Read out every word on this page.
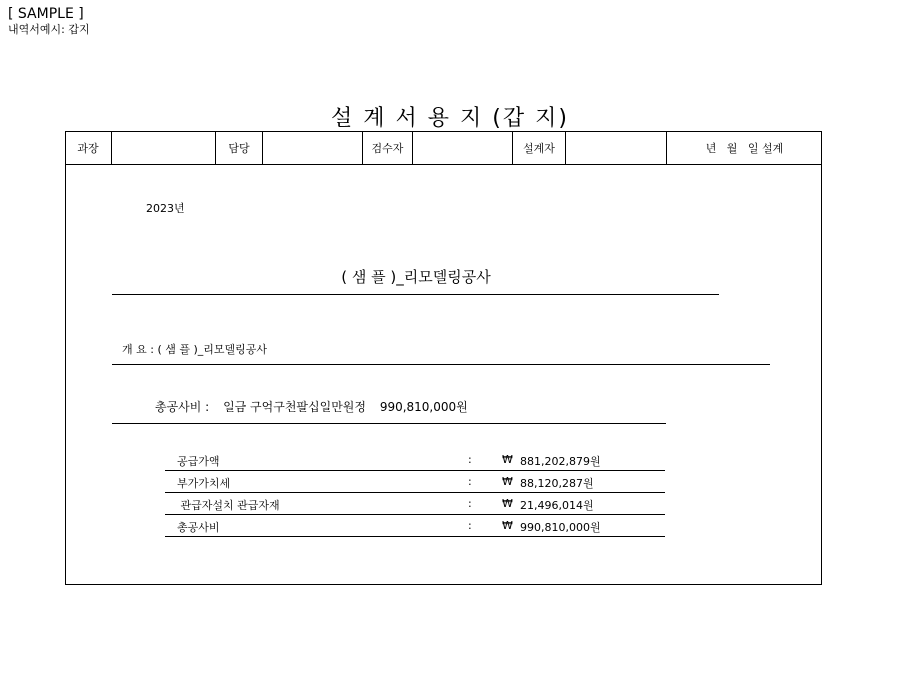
[ SAMPLE ]
내역서예시: 갑지
설 계 서 용 지 (갑 지)
과장	담당	검수자	설계자	년   월   일 설계
2023년
( 샘 플 )_리모델링공사
개 요 : ( 샘 플 )_리모델링공사
총공사비 : 일금 구억구천팔십일만원정 990,810,000원
공급가액	:	₩ 881,202,879원
부가가치세	:	₩ 88,120,287원
관급자설치 관급자재	:	₩ 21,496,014원
총공사비	:	₩ 990,810,000원
